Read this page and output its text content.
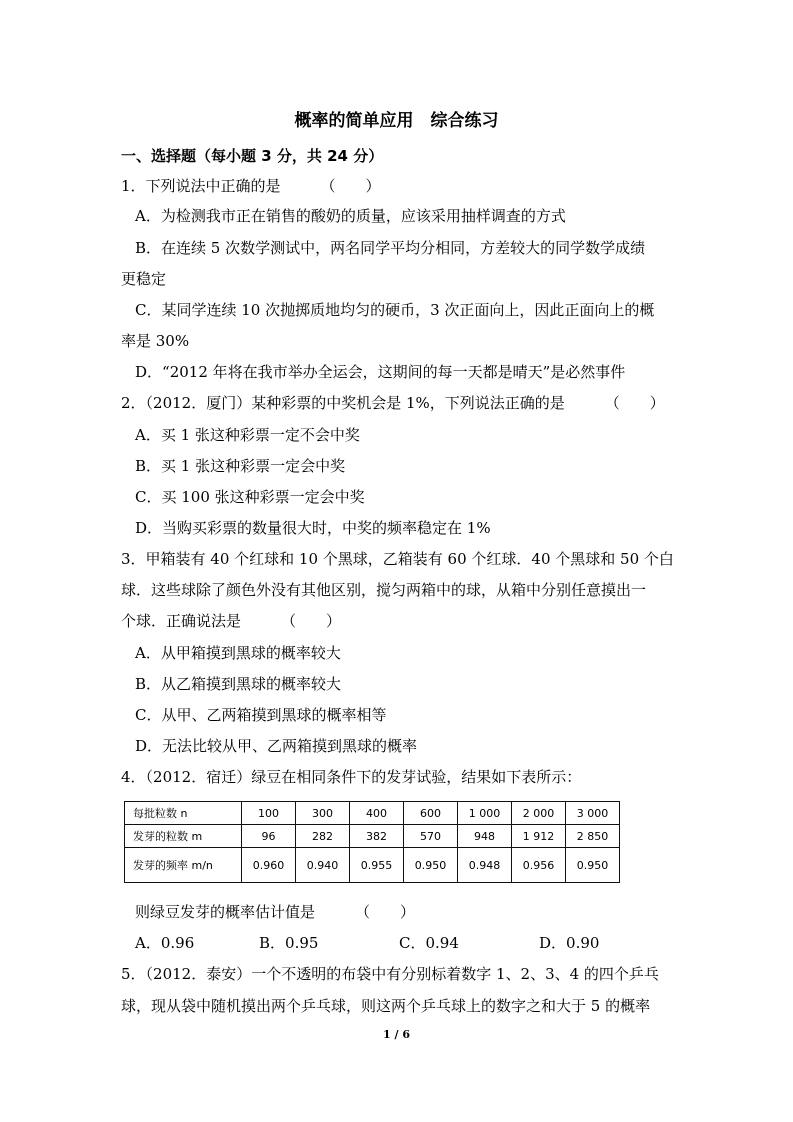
概率的简单应用　综合练习
一、选择题（每小题 3 分，共 24 分）
1．下列说法中正确的是	（　　）
A．为检测我市正在销售的酸奶的质量，应该采用抽样调查的方式
B．在连续 5 次数学测试中，两名同学平均分相同，方差较大的同学数学成绩
更稳定
C．某同学连续 10 次抛掷质地均匀的硬币，3 次正面向上，因此正面向上的概
率是 30%
D．“2012 年将在我市举办全运会，这期间的每一天都是晴天”是必然事件
2．（2012．厦门）某种彩票的中奖机会是 1%，下列说法正确的是	（　　）
A．买 1 张这种彩票一定不会中奖
B．买 1 张这种彩票一定会中奖
C．买 100 张这种彩票一定会中奖
D．当购买彩票的数量很大时，中奖的频率稳定在 1%
3．甲箱装有 40 个红球和 10 个黑球，乙箱装有 60 个红球．40 个黑球和 50 个白
球．这些球除了颜色外没有其他区别，搅匀两箱中的球，从箱中分别任意摸出一
个球．正确说法是	（　　）
A．从甲箱摸到黑球的概率较大
B．从乙箱摸到黑球的概率较大
C．从甲、乙两箱摸到黑球的概率相等
D．无法比较从甲、乙两箱摸到黑球的概率
4．（2012．宿迁）绿豆在相同条件下的发芽试验，结果如下表所示：
每批粒数 n	100	300	400	600	1 000	2 000	3 000
发芽的粒数 m	96	282	382	570	948	1 912	2 850
发芽的频率 m/n	0.960	0.940	0.955	0.950	0.948	0.956	0.950
则绿豆发芽的概率估计值是	（　　）
A．0.96	B．0.95	C．0.94	D．0.90
5．（2012．泰安）一个不透明的布袋中有分别标着数字 1、2、3、4 的四个乒乓
球，现从袋中随机摸出两个乒乓球，则这两个乒乓球上的数字之和大于 5 的概率
1 / 6
